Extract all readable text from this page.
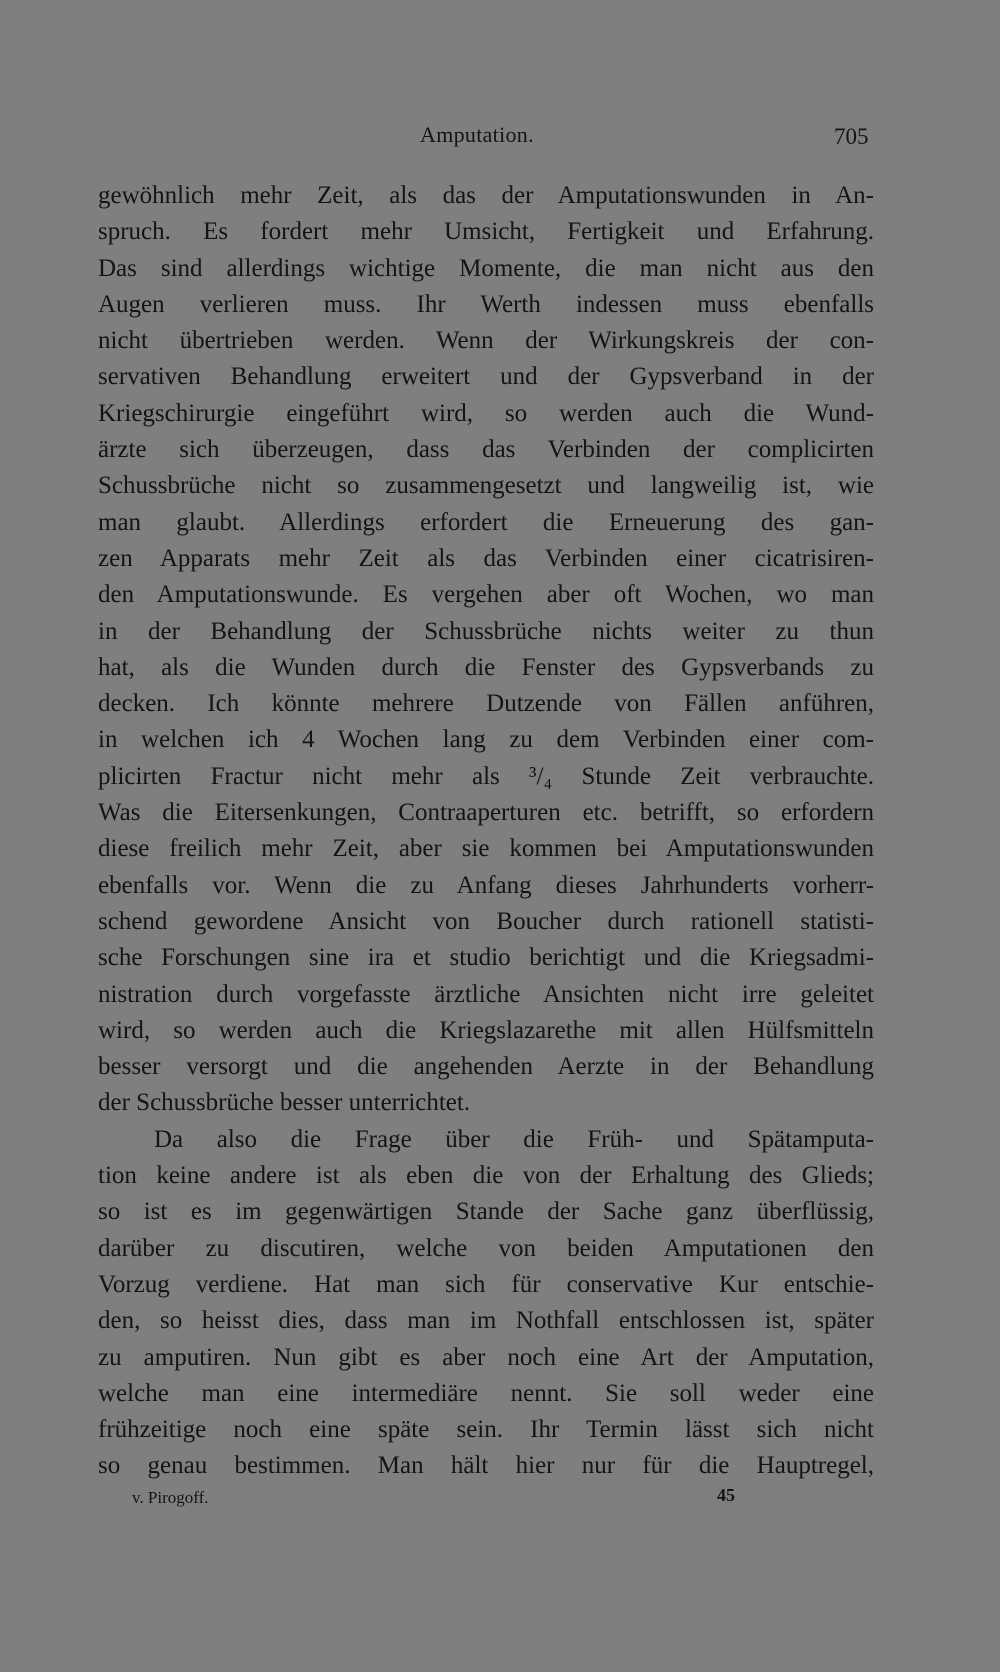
Amputation.	705
gewöhnlich mehr Zeit, als das der Amputationswunden in An-
spruch. Es fordert mehr Umsicht, Fertigkeit und Erfahrung.
Das sind allerdings wichtige Momente, die man nicht aus den
Augen verlieren muss. Ihr Werth indessen muss ebenfalls
nicht übertrieben werden. Wenn der Wirkungskreis der con-
servativen Behandlung erweitert und der Gypsverband in der
Kriegschirurgie eingeführt wird, so werden auch die Wund-
ärzte sich überzeugen, dass das Verbinden der complicirten
Schussbrüche nicht so zusammengesetzt und langweilig ist, wie
man glaubt. Allerdings erfordert die Erneuerung des gan-
zen Apparats mehr Zeit als das Verbinden einer cicatrisiren-
den Amputationswunde. Es vergehen aber oft Wochen, wo man
in der Behandlung der Schussbrüche nichts weiter zu thun
hat, als die Wunden durch die Fenster des Gypsverbands zu
decken. Ich könnte mehrere Dutzende von Fällen anführen,
in welchen ich 4 Wochen lang zu dem Verbinden einer com-
plicirten Fractur nicht mehr als ³/₄ Stunde Zeit verbrauchte.
Was die Eitersenkungen, Contraaperturen etc. betrifft, so erfordern
diese freilich mehr Zeit, aber sie kommen bei Amputationswunden
ebenfalls vor. Wenn die zu Anfang dieses Jahrhunderts vorherr-
schend gewordene Ansicht von Boucher durch rationell statisti-
sche Forschungen sine ira et studio berichtigt und die Kriegsadmi-
nistration durch vorgefasste ärztliche Ansichten nicht irre geleitet
wird, so werden auch die Kriegslazarethe mit allen Hülfsmitteln
besser versorgt und die angehenden Aerzte in der Behandlung
der Schussbrüche besser unterrichtet.
Da also die Frage über die Früh- und Spätamputa-
tion keine andere ist als eben die von der Erhaltung des Glieds;
so ist es im gegenwärtigen Stande der Sache ganz überflüssig,
darüber zu discutiren, welche von beiden Amputationen den
Vorzug verdiene. Hat man sich für conservative Kur entschie-
den, so heisst dies, dass man im Nothfall entschlossen ist, später
zu amputiren. Nun gibt es aber noch eine Art der Amputation,
welche man eine intermediäre nennt. Sie soll weder eine
frühzeitige noch eine späte sein. Ihr Termin lässt sich nicht
so genau bestimmen. Man hält hier nur für die Hauptregel,
v. Pirogoff.	45
